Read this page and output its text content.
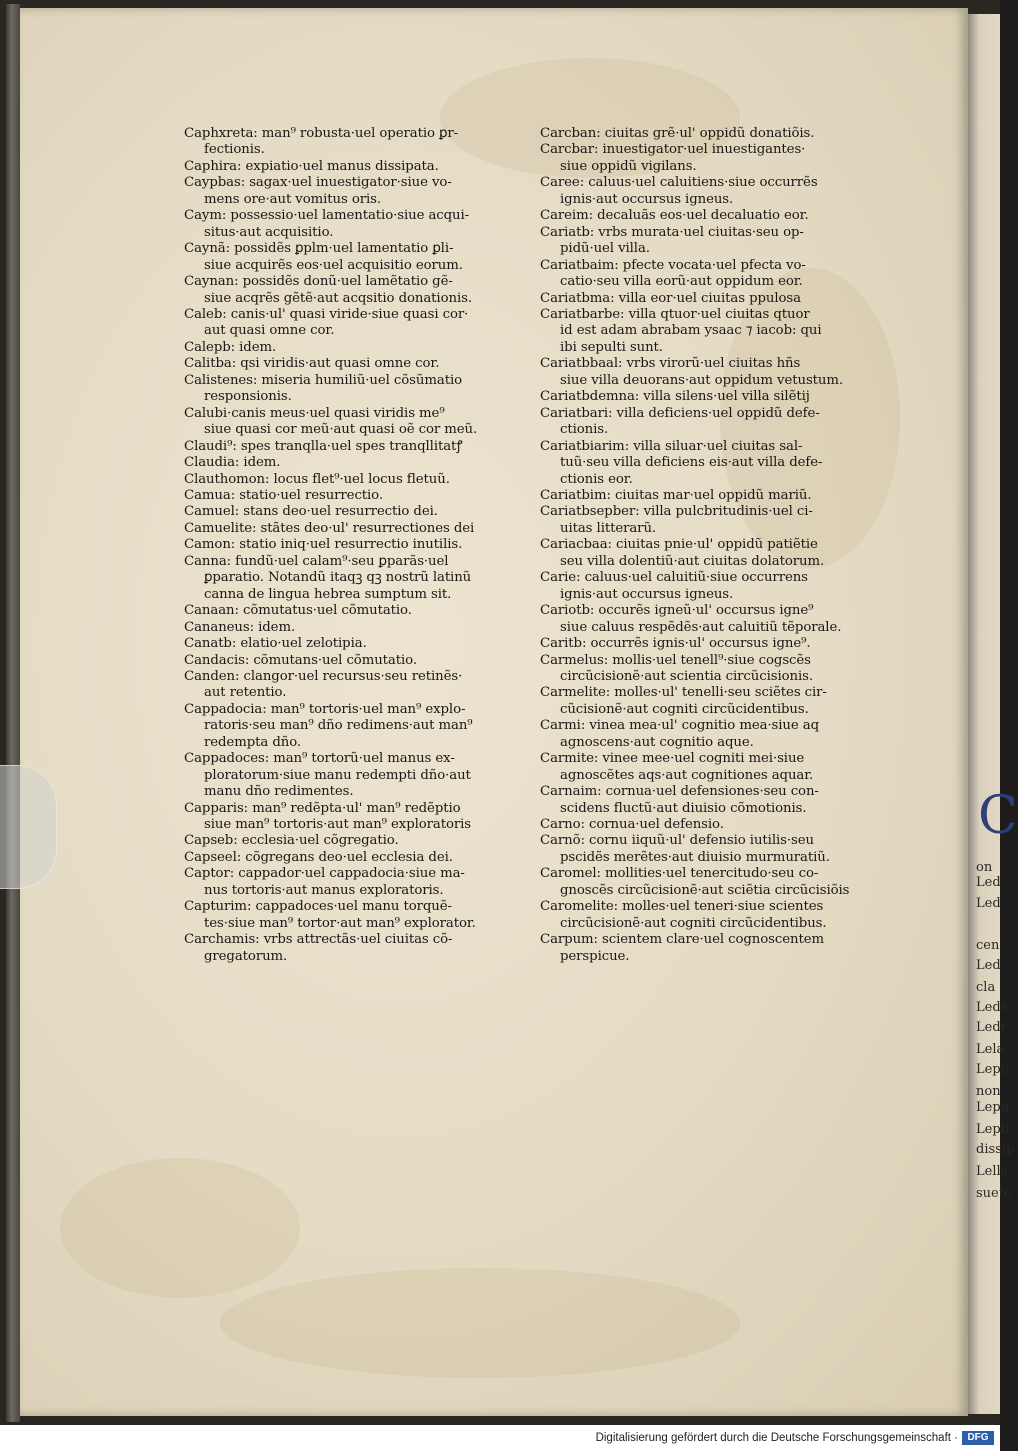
Caphxreta: man⁹ robusta·uel operatio ꝑr-

fectionis.

Caphira: expiatio·uel manus dissipata.

Caypbas: sagax·uel inuestigator·siue vo-

mens ore·aut vomitus oris.

Caym: possessio·uel lamentatio·siue acqui-

situs·aut acquisitio.

Caynã: possidẽs ꝑplm·uel lamentatio ꝑli-

siue acquirẽs eos·uel acquisitio eorum.

Caynan: possidẽs donũ·uel lamẽtatio gẽ-

siue acqrẽs gẽtẽ·aut acqsitio donationis.

Caleb: canis·ul' quasi viride·siue quasi cor·

aut quasi omne cor.

Calepb: idem.

Calitba: qsi viridis·aut quasi omne cor.

Calistenes: miseria humiliũ·uel cõsũmatio

responsionis.

Calubi·canis meus·uel quasi viridis me⁹

siue quasi cor meũ·aut quasi oẽ cor meũ.

Claudi⁹: spes tranqlla·uel spes tranqllitatꝭ

Claudia: idem.

Clauthomon: locus flet⁹·uel locus fletuũ.

Camua: statio·uel resurrectio.

Camuel: stans deo·uel resurrectio dei.

Camuelite: stãtes deo·ul' resurrectiones dei

Camon: statio iniq·uel resurrectio inutilis.

Canna: fundũ·uel calam⁹·seu ꝑparãs·uel

ꝑparatio. Notandũ itaqꝫ qꝫ nostrũ latinũ

canna de lingua hebrea sumptum sit.

Canaan: cõmutatus·uel cõmutatio.

Cananeus: idem.

Canatb: elatio·uel zelotipia.

Candacis: cõmutans·uel cõmutatio.

Canden: clangor·uel recursus·seu retinẽs·

aut retentio.

Cappadocia: man⁹ tortoris·uel man⁹ explo-

ratoris·seu man⁹ dño redimens·aut man⁹

redempta dño.

Cappadoces: man⁹ tortorũ·uel manus ex-

ploratorum·siue manu redempti dño·aut

manu dño redimentes.

Capparis: man⁹ redẽpta·ul' man⁹ redẽptio

siue man⁹ tortoris·aut man⁹ exploratoris

Capseb: ecclesia·uel cõgregatio.

Capseel: cõgregans deo·uel ecclesia dei.

Captor: cappador·uel cappadocia·siue ma-

nus tortoris·aut manus exploratoris.

Capturim: cappadoces·uel manu torquẽ-

tes·siue man⁹ tortor·aut man⁹ explorator.

Carchamis: vrbs attrectãs·uel ciuitas cõ-

gregatorum.

Carcban: ciuitas grẽ·ul' oppidũ donatiõis.

Carcbar: inuestigator·uel inuestigantes·

siue oppidũ vigilans.

Caree: caluus·uel caluitiens·siue occurrẽs

ignis·aut occursus igneus.

Careim: decaluãs eos·uel decaluatio eor.

Cariatb: vrbs murata·uel ciuitas·seu op-

pidũ·uel villa.

Cariatbaim: pfecte vocata·uel pfecta vo-

catio·seu villa eorũ·aut oppidum eor.

Cariatbma: villa eor·uel ciuitas ppulosa

Cariatbarbe: villa qtuor·uel ciuitas qtuor

id est adam abrabam ysaac ⁊ iacob: qui

ibi sepulti sunt.

Cariatbbaal: vrbs virorũ·uel ciuitas hñs

siue villa deuorans·aut oppidum vetustum.

Cariatbdemna: villa silens·uel villa silẽtij

Cariatbari: villa deficiens·uel oppidũ defe-

ctionis.

Cariatbiarim: villa siluar·uel ciuitas sal-

tuũ·seu villa deficiens eis·aut villa defe-

ctionis eor.

Cariatbim: ciuitas mar·uel oppidũ mariũ.

Cariatbsepber: villa pulcbritudinis·uel ci-

uitas litterarũ.

Cariacbaa: ciuitas pnie·ul' oppidũ patiẽtie

seu villa dolentiũ·aut ciuitas dolatorum.

Carie: caluus·uel caluitiũ·siue occurrens

ignis·aut occursus igneus.

Cariotb: occurẽs igneũ·ul' occursus igne⁹

siue caluus respẽdẽs·aut caluitiũ tẽporale.

Caritb: occurrẽs ignis·ul' occursus igne⁹.

Carmelus: mollis·uel tenell⁹·siue cogscẽs

circũcisionẽ·aut scientia circũcisionis.

Carmelite: molles·ul' tenelli·seu sciẽtes cir-

cũcisionẽ·aut cogniti circũcidentibus.

Carmi: vinea mea·ul' cognitio mea·siue aq

agnoscens·aut cognitio aque.

Carmite: vinee mee·uel cogniti mei·siue

agnoscẽtes aqs·aut cognitiones aquar.

Carnaim: cornua·uel defensiones·seu con-

scidens fluctũ·aut diuisio cõmotionis.

Carno: cornua·uel defensio.

Carnõ: cornu iiquũ·ul' defensio iutilis·seu

pscidẽs merẽtes·aut diuisio murmuratiũ.

Caromel: mollities·uel tenercitudo·seu co-

gnoscẽs circũcisionẽ·aut sciẽtia circũcisiõis

Caromelite: molles·uel teneri·siue scientes

circũcisionẽ·aut cogniti circũcidentibus.

Carpum: scientem clare·uel cognoscentem

perspicue.

C
on
Led
Led
cen
Led
cla
Ledr
Ledr
Lela
Lepb
non
Lepb
Lepb
dissip
Lella
suete
Digitalisierung gefördert durch die Deutsche Forschungsgemeinschaft · DFG
